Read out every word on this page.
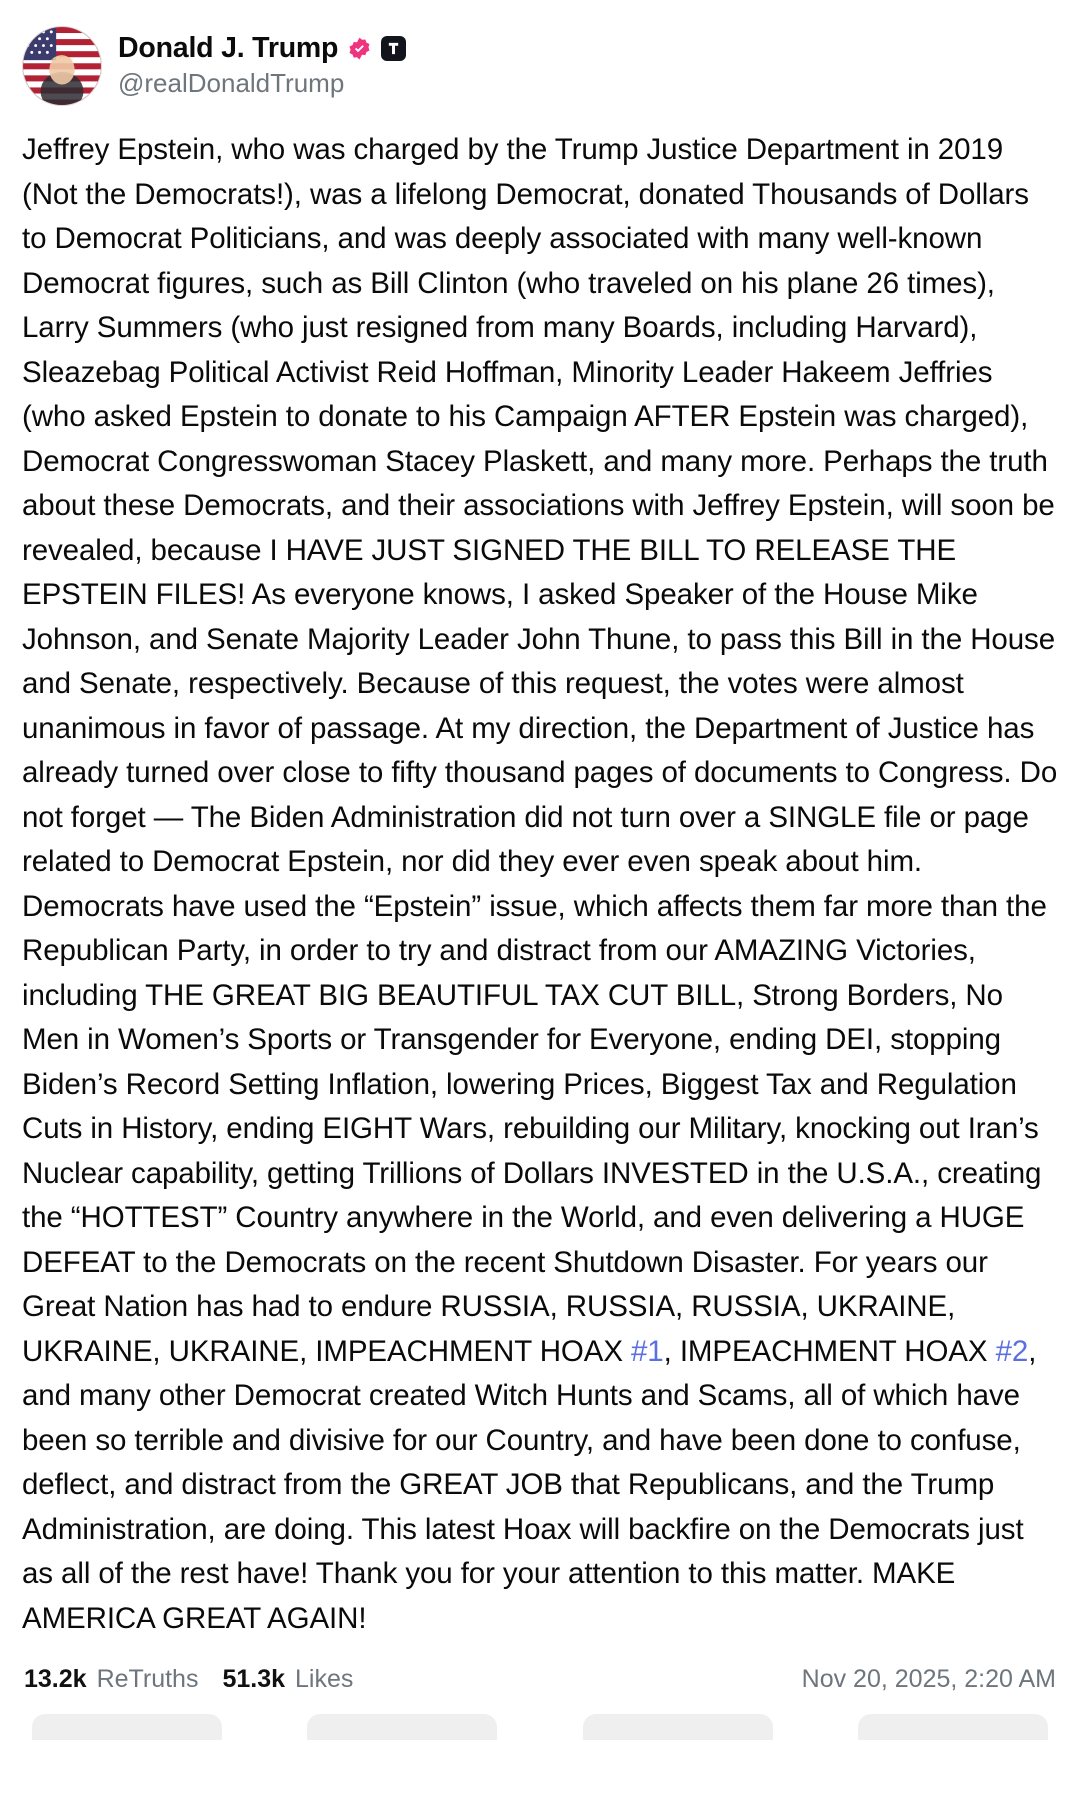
Donald J. Trump
@realDonaldTrump
Jeffrey Epstein, who was charged by the Trump Justice Department in 2019 (Not the Democrats!), was a lifelong Democrat, donated Thousands of Dollars to Democrat Politicians, and was deeply associated with many well-known Democrat figures, such as Bill Clinton (who traveled on his plane 26 times), Larry Summers (who just resigned from many Boards, including Harvard), Sleazebag Political Activist Reid Hoffman, Minority Leader Hakeem Jeffries (who asked Epstein to donate to his Campaign AFTER Epstein was charged), Democrat Congresswoman Stacey Plaskett, and many more. Perhaps the truth about these Democrats, and their associations with Jeffrey Epstein, will soon be revealed, because I HAVE JUST SIGNED THE BILL TO RELEASE THE EPSTEIN FILES! As everyone knows, I asked Speaker of the House Mike Johnson, and Senate Majority Leader John Thune, to pass this Bill in the House and Senate, respectively. Because of this request, the votes were almost unanimous in favor of passage. At my direction, the Department of Justice has already turned over close to fifty thousand pages of documents to Congress. Do not forget — The Biden Administration did not turn over a SINGLE file or page related to Democrat Epstein, nor did they ever even speak about him. Democrats have used the “Epstein” issue, which affects them far more than the Republican Party, in order to try and distract from our AMAZING Victories, including THE GREAT BIG BEAUTIFUL TAX CUT BILL, Strong Borders, No Men in Women’s Sports or Transgender for Everyone, ending DEI, stopping Biden’s Record Setting Inflation, lowering Prices, Biggest Tax and Regulation Cuts in History, ending EIGHT Wars, rebuilding our Military, knocking out Iran’s Nuclear capability, getting Trillions of Dollars INVESTED in the U.S.A., creating the “HOTTEST” Country anywhere in the World, and even delivering a HUGE DEFEAT to the Democrats on the recent Shutdown Disaster. For years our Great Nation has had to endure RUSSIA, RUSSIA, RUSSIA, UKRAINE, UKRAINE, UKRAINE, IMPEACHMENT HOAX #1, IMPEACHMENT HOAX #2, and many other Democrat created Witch Hunts and Scams, all of which have been so terrible and divisive for our Country, and have been done to confuse, deflect, and distract from the GREAT JOB that Republicans, and the Trump Administration, are doing. This latest Hoax will backfire on the Democrats just as all of the rest have! Thank you for your attention to this matter. MAKE AMERICA GREAT AGAIN!
13.2k ReTruths 51.3k Likes	Nov 20, 2025, 2:20 AM
